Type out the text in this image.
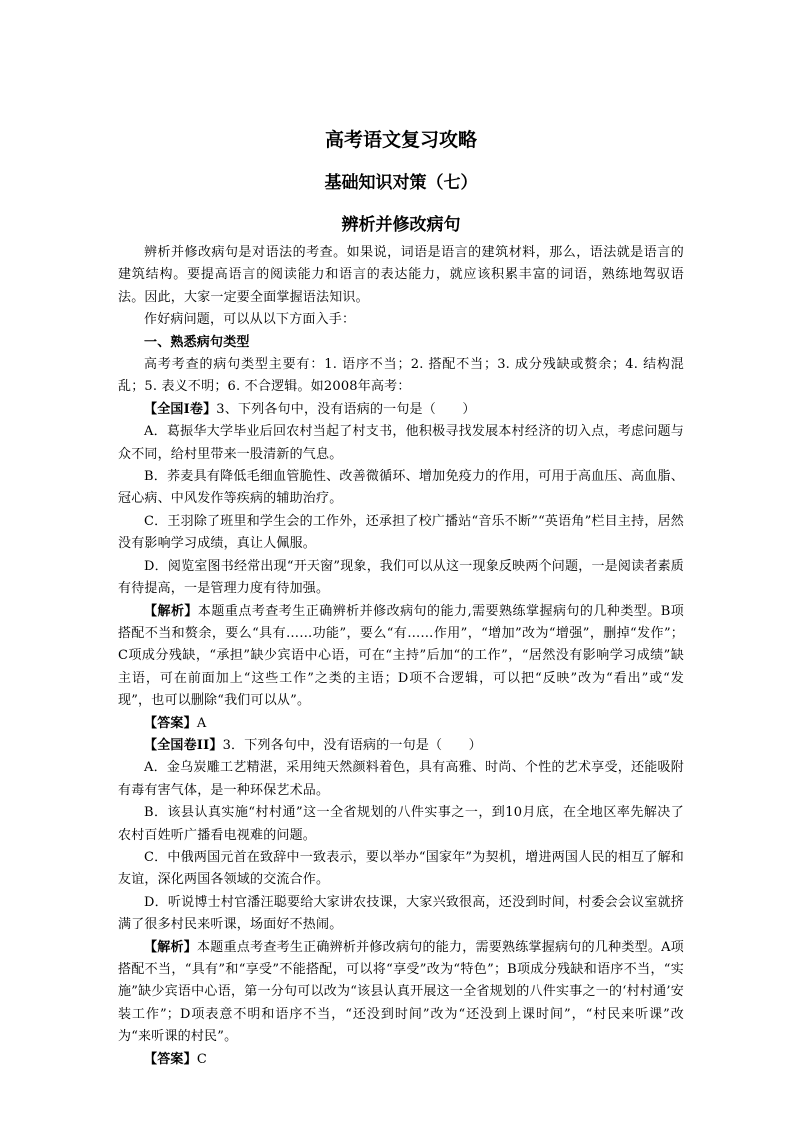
高考语文复习攻略
基础知识对策（七）
辨析并修改病句

辨析并修改病句是对语法的考查。如果说，词语是语言的建筑材料，那么，语法就是语言的建筑结构。要提高语言的阅读能力和语言的表达能力，就应该积累丰富的词语，熟练地驾驭语法。因此，大家一定要全面掌握语法知识。

作好病问题，可以从以下方面入手：

一、熟悉病句类型

高考考查的病句类型主要有：1. 语序不当；2. 搭配不当；3. 成分残缺或赘余；4. 结构混乱；5. 表义不明；6. 不合逻辑。如2008年高考：

【全国Ⅰ卷】3、下列各句中，没有语病的一句是（　　）

A．葛振华大学毕业后回农村当起了村支书，他积极寻找发展本村经济的切入点，考虑问题与众不同，给村里带来一股清新的气息。

B．荞麦具有降低毛细血管脆性、改善微循环、增加免疫力的作用，可用于高血压、高血脂、冠心病、中风发作等疾病的辅助治疗。

C．王羽除了班里和学生会的工作外，还承担了校广播站“音乐不断”“英语角”栏目主持，居然没有影响学习成绩，真让人佩服。

D．阅览室图书经常出现“开天窗”现象，我们可以从这一现象反映两个问题，一是阅读者素质有待提高，一是管理力度有待加强。

【解析】本题重点考查考生正确辨析并修改病句的能力,需要熟练掌握病句的几种类型。B项搭配不当和赘余，要么“具有……功能”，要么“有……作用”，“增加”改为“增强”，删掉“发作”；C项成分残缺，“承担”缺少宾语中心语，可在“主持”后加“的工作”，“居然没有影响学习成绩”缺主语，可在前面加上“这些工作”之类的主语；D项不合逻辑，可以把“反映”改为“看出”或“发现”，也可以删除“我们可以从”。

【答案】A

【全国卷II】3．下列各句中，没有语病的一句是（　　）

A．金乌炭雕工艺精湛，采用纯天然颜料着色，具有高雅、时尚、个性的艺术享受，还能吸附有毒有害气体，是一种环保艺术品。

B．该县认真实施“村村通”这一全省规划的八件实事之一，到10月底，在全地区率先解决了农村百姓听广播看电视难的问题。

C．中俄两国元首在致辞中一致表示，要以举办“国家年”为契机，增进两国人民的相互了解和友谊，深化两国各领域的交流合作。

D．听说博士村官潘汪聪要给大家讲农技课，大家兴致很高，还没到时间，村委会会议室就挤满了很多村民来听课，场面好不热闹。

【解析】本题重点考查考生正确辨析并修改病句的能力，需要熟练掌握病句的几种类型。A项搭配不当，“具有”和“享受”不能搭配，可以将“享受”改为“特色”；B项成分残缺和语序不当，“实施”缺少宾语中心语，第一分句可以改为“该县认真开展这一全省规划的八件实事之一的‘村村通’安装工作”；D项表意不明和语序不当，“还没到时间”改为“还没到上课时间”，“村民来听课”改为“来听课的村民”。

【答案】C
